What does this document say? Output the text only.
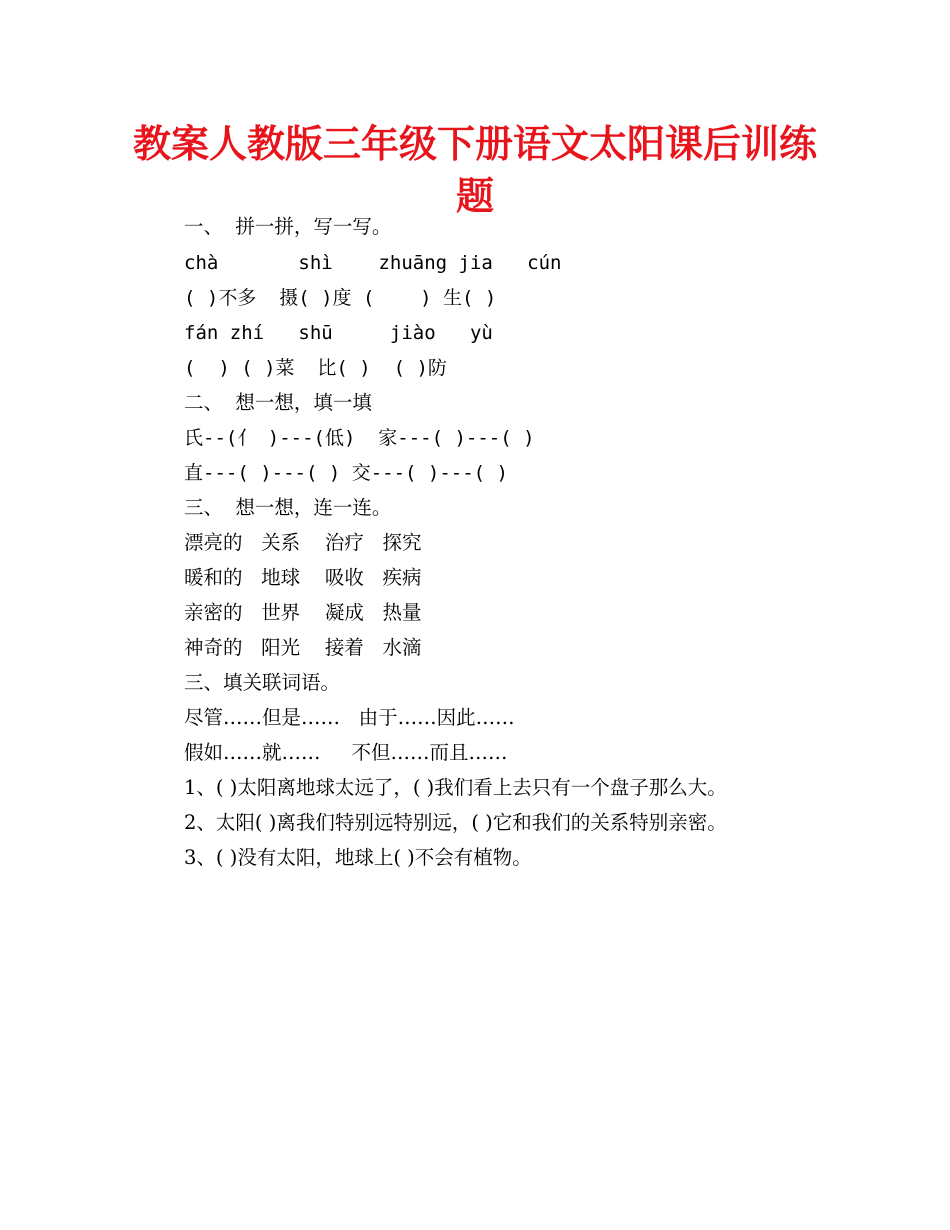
教案人教版三年级下册语文太阳课后训练
题

一、  拼一拼，写一写。

chà       shì    zhuāng jia   cún

( )不多  摄( )度 (    ) 生( )

fán zhí   shū     jiào   yù

(  ) ( )菜  比( )  ( )防

二、  想一想，填一填

氏--(亻 )---(低)  家---( )---( )

直---( )---( ) 交---( )---( )

三、  想一想，连一连。

漂亮的   关系    治疗   探究

暖和的   地球    吸收   疾病

亲密的   世界    凝成   热量

神奇的   阳光    接着   水滴

三、填关联词语。

尽管……但是……   由于……因此……

假如……就……     不但……而且……

1、( )太阳离地球太远了，( )我们看上去只有一个盘子那么大。

2、太阳( )离我们特别远特别远，( )它和我们的关系特别亲密。

3、( )没有太阳，地球上( )不会有植物。
